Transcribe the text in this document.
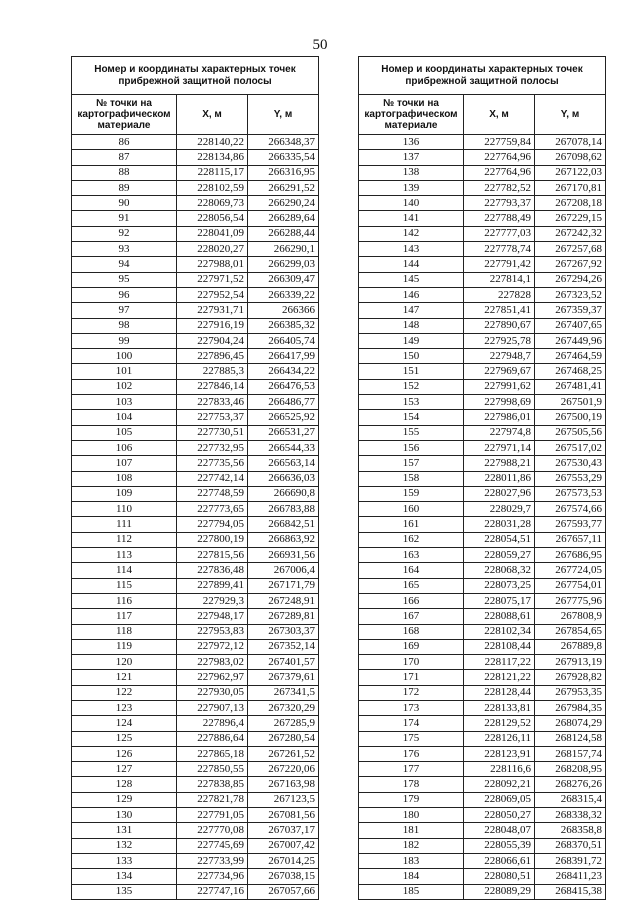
50
Номер и координаты характерных точек прибрежной защитной полосы		
№ точки на картографическом материале	X, м	Y, м
86	228140,22	266348,37
87	228134,86	266335,54
88	228115,17	266316,95
89	228102,59	266291,52
90	228069,73	266290,24
91	228056,54	266289,64
92	228041,09	266288,44
93	228020,27	266290,1
94	227988,01	266299,03
95	227971,52	266309,47
96	227952,54	266339,22
97	227931,71	266366
98	227916,19	266385,32
99	227904,24	266405,74
100	227896,45	266417,99
101	227885,3	266434,22
102	227846,14	266476,53
103	227833,46	266486,77
104	227753,37	266525,92
105	227730,51	266531,27
106	227732,95	266544,33
107	227735,56	266563,14
108	227742,14	266636,03
109	227748,59	266690,8
110	227773,65	266783,88
111	227794,05	266842,51
112	227800,19	266863,92
113	227815,56	266931,56
114	227836,48	267006,4
115	227899,41	267171,79
116	227929,3	267248,91
117	227948,17	267289,81
118	227953,83	267303,37
119	227972,12	267352,14
120	227983,02	267401,57
121	227962,97	267379,61
122	227930,05	267341,5
123	227907,13	267320,29
124	227896,4	267285,9
125	227886,64	267280,54
126	227865,18	267261,52
127	227850,55	267220,06
128	227838,85	267163,98
129	227821,78	267123,5
130	227791,05	267081,56
131	227770,08	267037,17
132	227745,69	267007,42
133	227733,99	267014,25
134	227734,96	267038,15
135	227747,16	267057,66
Номер и координаты характерных точек прибрежной защитной полосы		
№ точки на картографическом материале	X, м	Y, м
136	227759,84	267078,14
137	227764,96	267098,62
138	227764,96	267122,03
139	227782,52	267170,81
140	227793,37	267208,18
141	227788,49	267229,15
142	227777,03	267242,32
143	227778,74	267257,68
144	227791,42	267267,92
145	227814,1	267294,26
146	227828	267323,52
147	227851,41	267359,37
148	227890,67	267407,65
149	227925,78	267449,96
150	227948,7	267464,59
151	227969,67	267468,25
152	227991,62	267481,41
153	227998,69	267501,9
154	227986,01	267500,19
155	227974,8	267505,56
156	227971,14	267517,02
157	227988,21	267530,43
158	228011,86	267553,29
159	228027,96	267573,53
160	228029,7	267574,66
161	228031,28	267593,77
162	228054,51	267657,11
163	228059,27	267686,95
164	228068,32	267724,05
165	228073,25	267754,01
166	228075,17	267775,96
167	228088,61	267808,9
168	228102,34	267854,65
169	228108,44	267889,8
170	228117,22	267913,19
171	228121,22	267928,82
172	228128,44	267953,35
173	228133,81	267984,35
174	228129,52	268074,29
175	228126,11	268124,58
176	228123,91	268157,74
177	228116,6	268208,95
178	228092,21	268276,26
179	228069,05	268315,4
180	228050,27	268338,32
181	228048,07	268358,8
182	228055,39	268370,51
183	228066,61	268391,72
184	228080,51	268411,23
185	228089,29	268415,38
